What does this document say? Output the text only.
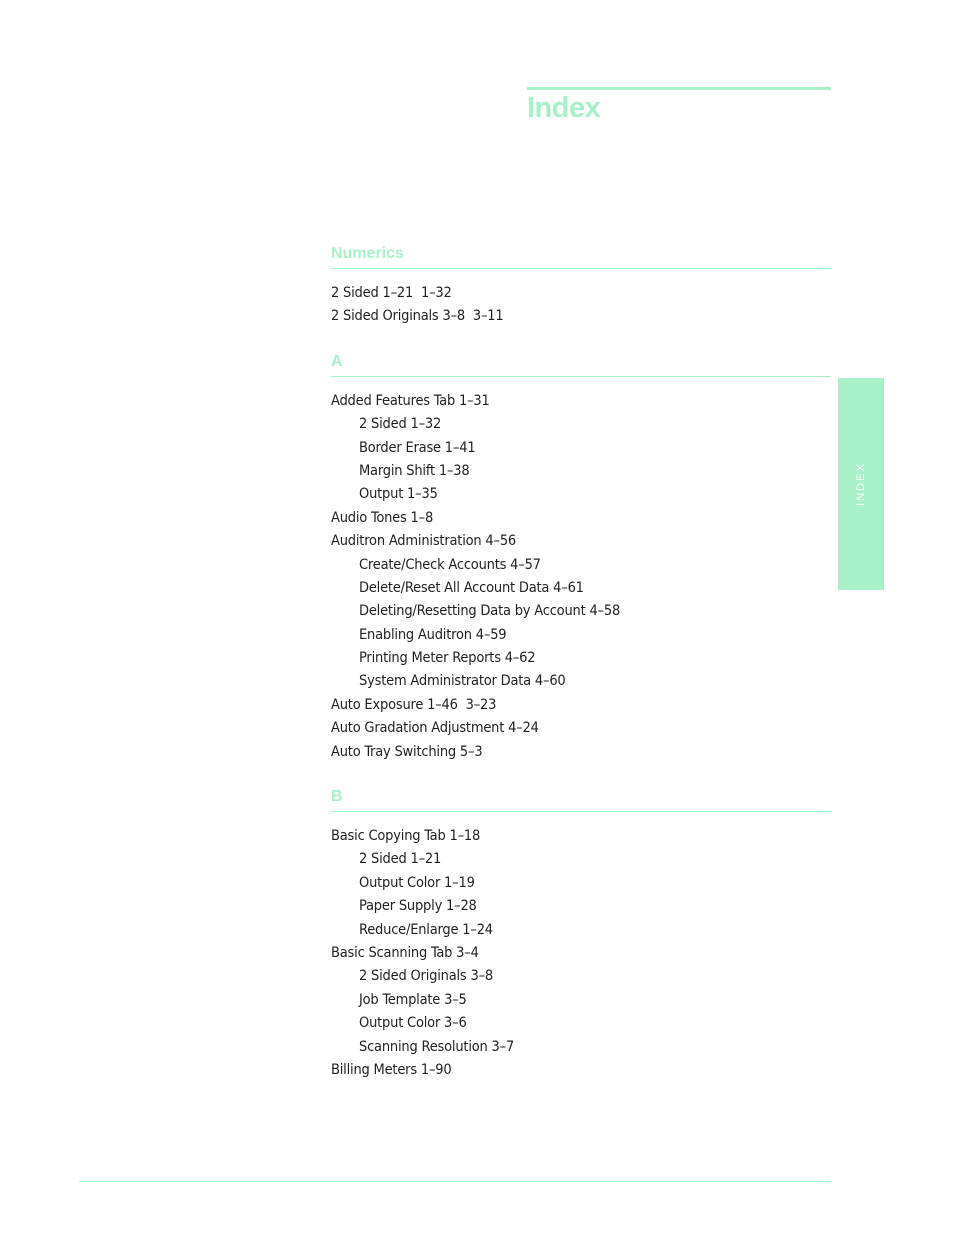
Index
INDEX
Numerics
2 Sided 1–21  1–32
2 Sided Originals 3–8  3–11
A
Added Features Tab 1–31
2 Sided 1–32
Border Erase 1–41
Margin Shift 1–38
Output 1–35
Audio Tones 1–8
Auditron Administration 4–56
Create/Check Accounts 4–57
Delete/Reset All Account Data 4–61
Deleting/Resetting Data by Account 4–58
Enabling Auditron 4–59
Printing Meter Reports 4–62
System Administrator Data 4–60
Auto Exposure 1–46  3–23
Auto Gradation Adjustment 4–24
Auto Tray Switching 5–3
B
Basic Copying Tab 1–18
2 Sided 1–21
Output Color 1–19
Paper Supply 1–28
Reduce/Enlarge 1–24
Basic Scanning Tab 3–4
2 Sided Originals 3–8
Job Template 3–5
Output Color 3–6
Scanning Resolution 3–7
Billing Meters 1–90
